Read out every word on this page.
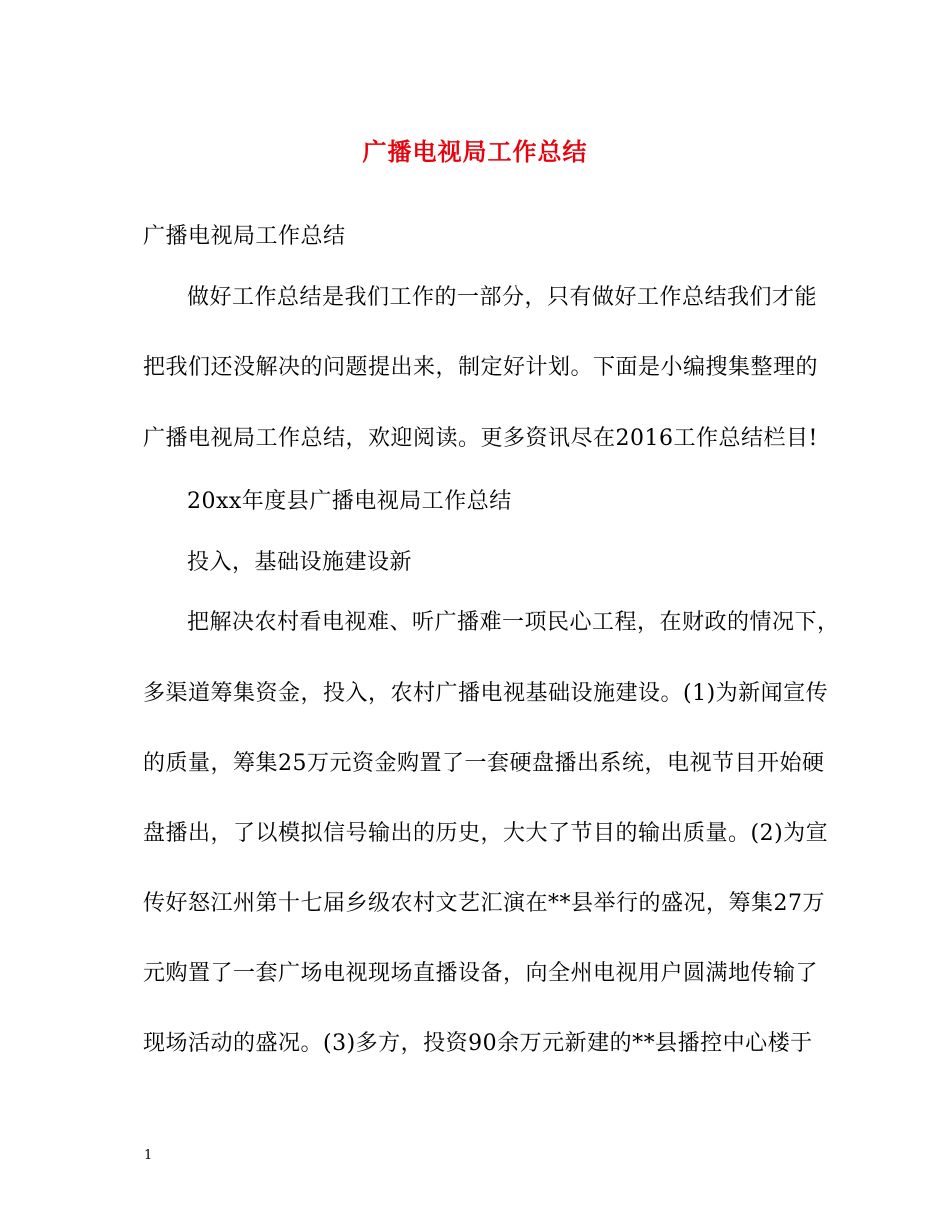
广播电视局工作总结
广播电视局工作总结
做好工作总结是我们工作的一部分，只有做好工作总结我们才能
把我们还没解决的问题提出来，制定好计划。下面是小编搜集整理的
广播电视局工作总结，欢迎阅读。更多资讯尽在2016工作总结栏目!
20xx年度县广播电视局工作总结
投入，基础设施建设新
把解决农村看电视难、听广播难一项民心工程，在财政的情况下，
多渠道筹集资金，投入，农村广播电视基础设施建设。(1)为新闻宣传
的质量，筹集25万元资金购置了一套硬盘播出系统，电视节目开始硬
盘播出，了以模拟信号输出的历史，大大了节目的输出质量。(2)为宣
传好怒江州第十七届乡级农村文艺汇演在**县举行的盛况，筹集27万
元购置了一套广场电视现场直播设备，向全州电视用户圆满地传输了
现场活动的盛况。(3)多方，投资90余万元新建的**县播控中心楼于
1
